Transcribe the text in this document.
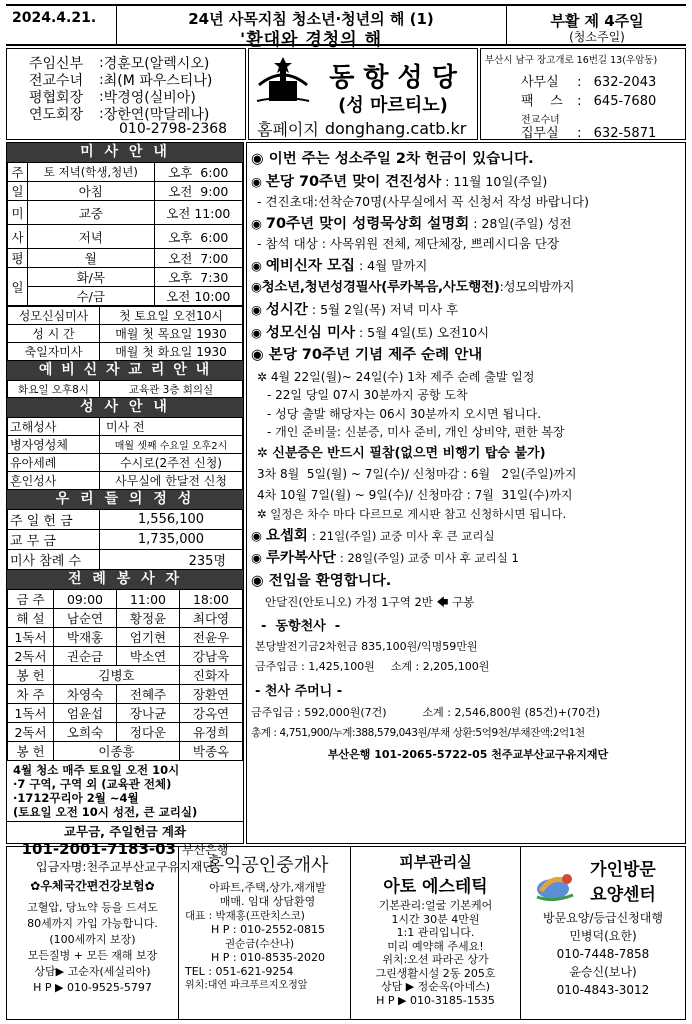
2024.4.21.	24년 사목지침 청소년·청년의 해 (1)
'환대와 경청의 해
부활 제 4주일
(청소주일)
주임신부	: 경훈모(알렉시오)
전교수녀	: 최(M 파우스티나)
평협회장	: 박경영(실비아)
연도회장	: 장한연(막달레나)
010-2798-2368
동 항 성 당
(성 마르티노)
홈페이지 donghang.catb.kr
부산시 남구 장고개로 16번길 13(우암동)
사무실 : 632-2043
팩    스 : 645-7680
전교수녀
집무실 : 632-5871
미 사 안 내
주	토 저녁(학생,청년)	오후  6:00
일	아침	오전  9:00
미	교중	오전 11:00
사	저녁	오후  6:00
평	월	오전  7:00
일	화/목	오후  7:30
	수/금	오전 10:00
성모신심미사	첫 토요일 오전10시
성 시 간	매월 첫 목요일 1930
축일자미사	매월 첫 화요일 1930
예 비 신 자 교 리 안 내
화요일 오후8시	교육관 3층 회의실
성 사 안 내
고해성사	미사 전
병자영성체	매월 셋째 수요일 오후2시
유아세례	수시로(2주전 신청)
혼인성사	사무실에 한달전 신청
우 리 들 의 정 성
주 일 헌 금	1,556,100
교 무 금	1,735,000
미사 참례 수	235명
전 례 봉 사 자
금 주	09:00	11:00	18:00
해 설	남순연	황정윤	최다영
1독서	박재홍	엄기현	전윤우
2독서	권순금	박소연	강남욱
봉 헌	김병호		진화자
차 주	차영숙	전혜주	장환연
1독서	엄윤섭	장나균	강옥연
2독서	오희숙	정다운	유정희
봉 헌	이종흥		박종옥
4월 청소 매주 토요일 오전 10시
·7 구역, 구역 외 (교육관 전체)
·1712꾸리아 2월 ~4월
(토요일 오전 10시 성전, 큰 교리실)
교무금, 주일헌금 계좌
101-2001-7183-03 부산은행
입금자명:천주교부산교구유지재단
◉ 이번 주는 성소주일 2차 헌금이 있습니다.
◉ 본당 70주년 맞이 견진성사 : 11월 10일(주일)
- 견진초대:선착순70명(사무실에서 꼭 신청서 작성 바랍니다)
◉ 70주년 맞이 성령묵상회 설명회 : 28일(주일) 성전
- 참석 대상 : 사목위원 전체, 제단체장, 쁘레시디움 단장
◉ 예비신자 모집 : 4월 말까지
◉청소년,청년성경필사(루카복음,사도행전):성모의밤까지
◉ 성시간 : 5월 2일(목) 저녁 미사 후
◉ 성모신심 미사 : 5월 4일(토) 오전10시
◉ 본당 70주년 기념 제주 순례 안내
✲ 4월 22일(월)~ 24일(수) 1차 제주 순례 출발 일정
- 22일 당일 07시 30분까지 공항 도착
- 성당 출발 해당자는 06시 30분까지 오시면 됩니다.
- 개인 준비물: 신분증, 미사 준비, 개인 상비약, 편한 복장
✲ 신분증은 반드시 필참(없으면 비행기 탑승 불가)
3차 8월  5일(월) ~ 7일(수)/ 신청마감 : 6월   2일(주일)까지
4차 10월 7일(월) ~ 9일(수)/ 신청마감 : 7월  31일(수)까지
✲ 일정은 차수 마다 다르므로 게시판 참고 신청하시면 됩니다.
◉ 요셉회 : 21일(주일) 교중 미사 후 큰 교리실
◉ 루카복사단 : 28일(주일) 교중 미사 후 교리실 1
◉ 전입을 환영합니다.
안달진(안토니오) 가정 1구역 2반 🡄 구봉
-  동항천사  -
본당발전기금2차헌금 835,100원/익명59만원
금주입금 : 1,425,100원 소계 : 2,205,100원
- 천사 주머니 -
금주입금 : 592,000원(7건)	소계 : 2,546,800원 (85건)+(70건)
총계 : 4,751,900/누계:388,579,043원/부채 상환:5억9천/부채잔액:2억1천
부산은행 101-2065-5722-05 천주교부산교구유지재단
✿우체국간편건강보험✿
고혈압, 당뇨약 등을 드셔도
80세까지 가입 가능합니다.
(100세까지 보장)
모든질병 + 모든 재해 보장
상담▶ 고순자(세실리아)
H P ▶ 010-9525-5797
홍익공인중개사
아파트,주택,상가,재개발
매매. 임대 상담환영
대표 : 박재홍(프란치스코)
H P : 010-2552-0815
권순금(수산나)
H P : 010-8535-2020
TEL : 051-621-9254
위치:대연 파크푸르지오정앞
피부관리실
아토 에스테틱
기본관리:얼굴 기본케어
1시간 30분 4만원
1:1 관리입니다.
미리 예약해 주세요!
위치:오션 파라곤 상가
그린생활시설 2동 205호
상담 ▶ 정순옥(아네스)
H P ▶ 010-3185-1535
가인방문
요양센터
방문요양/등급신청대행
민병덕(요한)
010-7448-7858
윤승신(보나)
010-4843-3012
